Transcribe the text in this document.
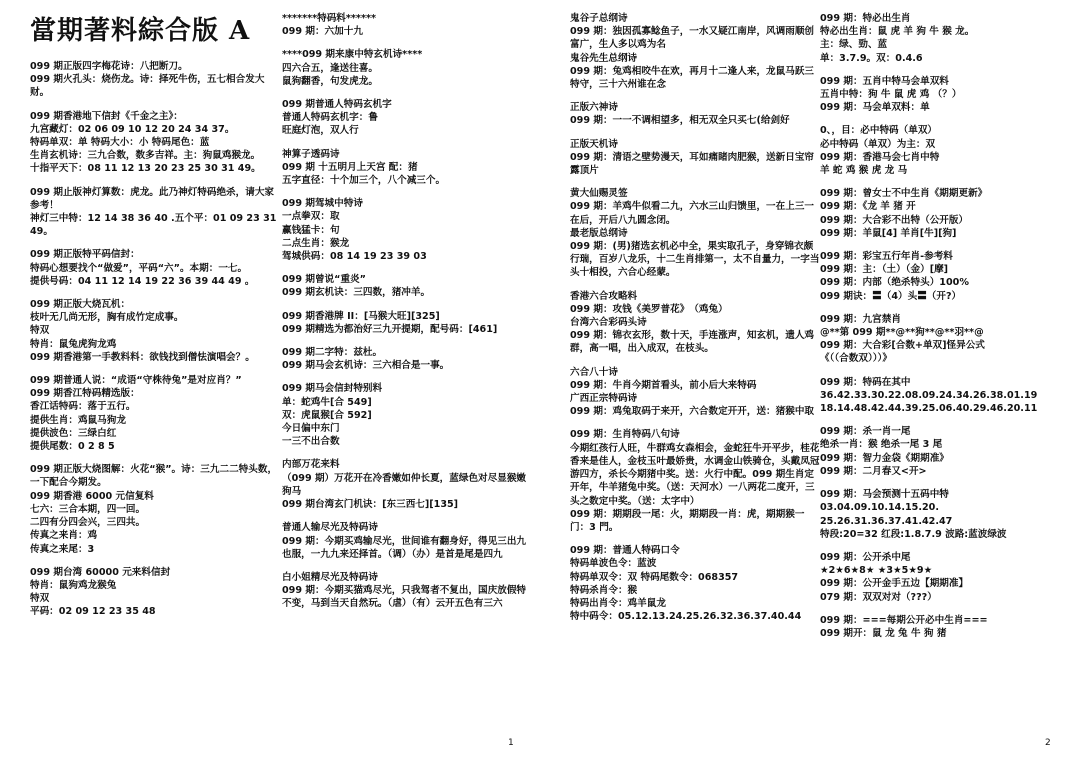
當期著料綜合版 A
099 期正版四字梅花诗：八把断刀。
099 期火孔头：烧伤龙。诗：择死牛伤，五七相合发大财。
099 期香港地下信封《千金之主》：
九宫藏灯：02 06 09 10 12 20 24 34 37。
特码单双：单 特码大小：小 特码尾色：蓝
生肖玄机诗：三九合数，数多吉祥。主：狗鼠鸡猴龙。
十指平天下：08 11 12 13 20 23 25 30 31 49。
099 期止版神灯算数：虎龙。此乃神灯特码绝杀，请大家参考！
神灯三中特：12 14 38 36 40 .五个平：01 09 23 31 49。
099 期正版特平码信封：
特码心想要找个“做爱”，平码“六”。本期：一七。
提供号码：04 11 12 14 19 22 36 39 44 49 。
099 期正版大烧瓦机：
枝叶无几尚无形，胸有成竹定成事。
特双
特肖：鼠兔虎狗龙鸡
099 期香港第一手教料料：欲钱找到僧怯演唱会？。
099 期普通人说：“成语“守株待兔”是对应肖？”
099 期香江特码精选版：
香江话特码：落于五行。
提供生肖：鸡鼠马狗龙
提供波色：三绿白红
提供尾数：0 2 8 5
099 期正版大烧图解：火花“猴”。诗：三九二二特头数，一下配合今期发。
099 期香港 6000 元信复料
七六：三合本期，四一回。
二四有分四会兴，三四共。
传真之来肖：鸡
传真之来尾：3
099 期台湾 60000 元来料信封
特肖：鼠狗鸡龙猴兔
特双
平码：02 09 12 23 35 48
*******特码料******
099 期：六加十九
****099 期来康中特玄机诗****
四六合五，逢送往喜。
鼠狗翻香，句发虎龙。
099 期普通人特码玄机字
普通人特码玄机字：鲁
旺庭灯泡，双人行
神算子透码诗
099 期 十五明月上天宫 配：猪
五字直径：十个加三个，八个减三个。
099 期驾城中特诗
一点拳双：取
赢钱猛卡：句
二点生肖：猴龙
驾城供码：08 14 19 23 39 03
099 期曾说“重炎”
099 期玄机诀：三四数，猪冲羊。
099 期香港牌 II：[马猴大旺][325]
099 期精选为都治好三九开提期，配号码：[461]
099 期二字特：兹杜。
099 期马会玄机诗：三六相合是一事。
099 期马会信封特别料
单：蛇鸡牛[合 549]
双：虎鼠猴[合 592]
今日偏中东门
一三不出合数
内部万花来料
（099 期）万花开在冷香嫩如仲长夏，蓝绿色对尽显猴嫩狗马
099 期台湾玄门机诀：[东三西七][135]
普通人输尽光及特码诗
099 期：今期买鸡输尽光，世间谁有翻身好，得见三出九也服，一九九来还择首。（调）（办）是首是尾是四九
白小姐精尽光及特码诗
099 期：今期买猫鸡尽光，只我驾者不复出，国庆放假特不变，马到当天自然玩。（虐）（有）云开五色有三六
1
鬼谷子总纲诗
099 期：独因孤寡鲶鱼子，一水又疑江南岸，风调雨顺创富广，生人多以鸡为名
鬼谷先生总纲诗
099 期：兔鸡相咬牛在欢，再月十二逢人来，龙鼠马跃三特守，三十六州谁在念
正版六神诗
099 期：一一不调相望多，相无双全只买七(给剑好
正版天机诗
099 期：清语之壁势漫天，耳如痛睹肉肥猴，送新日宝帘露顶片
黄大仙赐灵签
099 期：羊鸡牛似看二九，六水三山归馈里，一在上三一在后，开后八九圆念闭。
最老版总纲诗
099 期：(男)猪选玄机必中全，果实取孔子，身穿锦衣颇行瑞，百岁八龙乐，十二生肖排第一，太不自量力，一字当头十相投，六合心经蒙。
香港六合攻略料
099 期：攻钱《美罗普花》　（鸡兔）
台湾六合彩码头诗
099 期：锦衣玄形，数十天，手连涨声，知玄机，遗人鸡群，高一唱，出入成双，在枝头。
六合八十诗
099 期：牛肖今期首看头，前小后大来特码
广西正宗特码诗
099 期：鸡兔取码于来开，六合数定开开，送：猪猴中取
099 期：生肖特码八句诗
今期红孩行人旺，牛群鸡女森相会，金蛇狂牛开平步，桂花香来是佳人，金枝玉叶最娇贵，水调金山铁骑仓，头戴凤冠游四方，杀长今期猪中奖。送：火行中配。099 期生肖定开年，牛羊猪兔中奖。（送：天河水）一八两花二度开，三头之数定中奖。（送：太字中）
099 期：期期段一尾：火，期期段一肖：虎，期期猴一门：3 門。
099 期：普通人特码口令
特码单波色令：蓝波
特码单双令：双 特码尾数令：068357
特码杀肖令：猴
特码出肖令：鸡羊鼠龙
特中码令：05.12.13.24.25.26.32.36.37.40.44
099 期：特必出生肖
特必出生肖：鼠 虎 羊 狗 牛 猴 龙。
主：绿、勁、蓝
单：3.7.9。双：0.4.6
099 期：五肖中特马会单双料
五肖中特：狗 牛 鼠 虎 鸡 （？）
099 期：马会单双料：单
0、，目：必中特码（单双）
必中特码（单双）为主：双
099 期：香港马会七肖中特
羊 蛇 鸡 猴 虎 龙 马
099 期：曾女士不中生肖《期期更新》
099 期：《龙 羊 猪 开
099 期：大合彩不出特（公开版）
099 期：羊鼠[4] 羊肖[牛][狗]
099 期：彩宝五行年肖-参考料
099 期：主：（土）（金）[摩]
099 期：内部（绝杀特头）100%
099 期诀：〓（4）头〓（开?）
099 期：九宫禁肖
@**第 099 期**@**狗**@**羽**@
099 期：大合彩[合数+单双]怪异公式
《（（合数双）））》
099 期：特码在其中
36.42.33.30.22.08.09.24.34.26.38.01.19
18.14.48.42.44.39.25.06.40.29.46.20.11
099 期：杀一肖一尾
绝杀一肖：猴 绝杀一尾 3 尾
099 期：智力金袋《期期准》
099 期：二月春又<开>
099 期：马会预测十五码中特
03.04.09.10.14.15.20.
25.26.31.36.37.41.42.47
特段:20=32 红段:1.8.7.9 波路:蓝波绿波
099 期：公开杀中尾
★2★6★8★ ★3★5★9★
099 期：公开金手五边【期期准】
079 期：双双对对（???）
099 期：===每期公开必中生肖===
099 期开：鼠 龙 兔 牛 狗 猪
2
